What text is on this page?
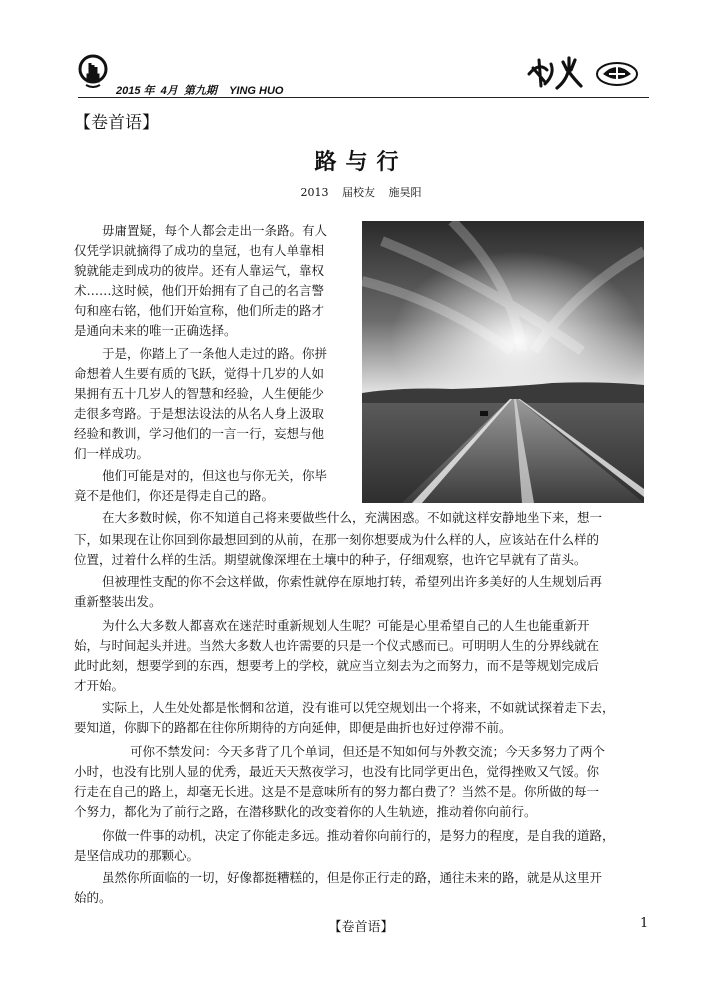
2015 年  4月  第九期    YING HUO
【卷首语】
路与行
2013 届校友 施昊阳

毋庸置疑，每个人都会走出一条路。有人

仅凭学识就摘得了成功的皇冠，也有人单靠相

貌就能走到成功的彼岸。还有人靠运气，靠权

术……这时候，他们开始拥有了自己的名言警

句和座右铭，他们开始宣称，他们所走的路才

是通向未来的唯一正确选择。

于是，你踏上了一条他人走过的路。你拼

命想着人生要有质的飞跃，觉得十几岁的人如

果拥有五十几岁人的智慧和经验，人生便能少

走很多弯路。于是想法设法的从名人身上汲取

经验和教训，学习他们的一言一行，妄想与他

们一样成功。

他们可能是对的，但这也与你无关，你毕

竟不是他们，你还是得走自己的路。

在大多数时候，你不知道自己将来要做些什么，充满困惑。不如就这样安静地坐下来，想一

下，如果现在让你回到你最想回到的从前，在那一刻你想要成为什么样的人，应该站在什么样的

位置，过着什么样的生活。期望就像深埋在土壤中的种子，仔细观察，也许它早就有了苗头。

但被理性支配的你不会这样做，你索性就停在原地打转，希望列出许多美好的人生规划后再

重新整装出发。

为什么大多数人都喜欢在迷茫时重新规划人生呢？可能是心里希望自己的人生也能重新开

始，与时间起头并进。当然大多数人也许需要的只是一个仪式感而已。可明明人生的分界线就在

此时此刻，想要学到的东西，想要考上的学校，就应当立刻去为之而努力，而不是等规划完成后

才开始。

实际上，人生处处都是怅惘和岔道，没有谁可以凭空规划出一个将来，不如就试探着走下去，

要知道，你脚下的路都在往你所期待的方向延伸，即便是曲折也好过停滞不前。

可你不禁发问：今天多背了几个单词，但还是不知如何与外教交流；今天多努力了两个

小时，也没有比别人显的优秀，最近天天熬夜学习，也没有比同学更出色，觉得挫败又气馁。你

行走在自己的路上，却毫无长进。这是不是意味所有的努力都白费了？当然不是。你所做的每一

个努力，都化为了前行之路，在潜移默化的改变着你的人生轨迹，推动着你向前行。

你做一件事的动机，决定了你能走多远。推动着你向前行的，是努力的程度，是自我的道路，

是坚信成功的那颗心。

虽然你所面临的一切，好像都挺糟糕的，但是你正行走的路，通往未来的路，就是从这里开

始的。

【卷首语】	1
